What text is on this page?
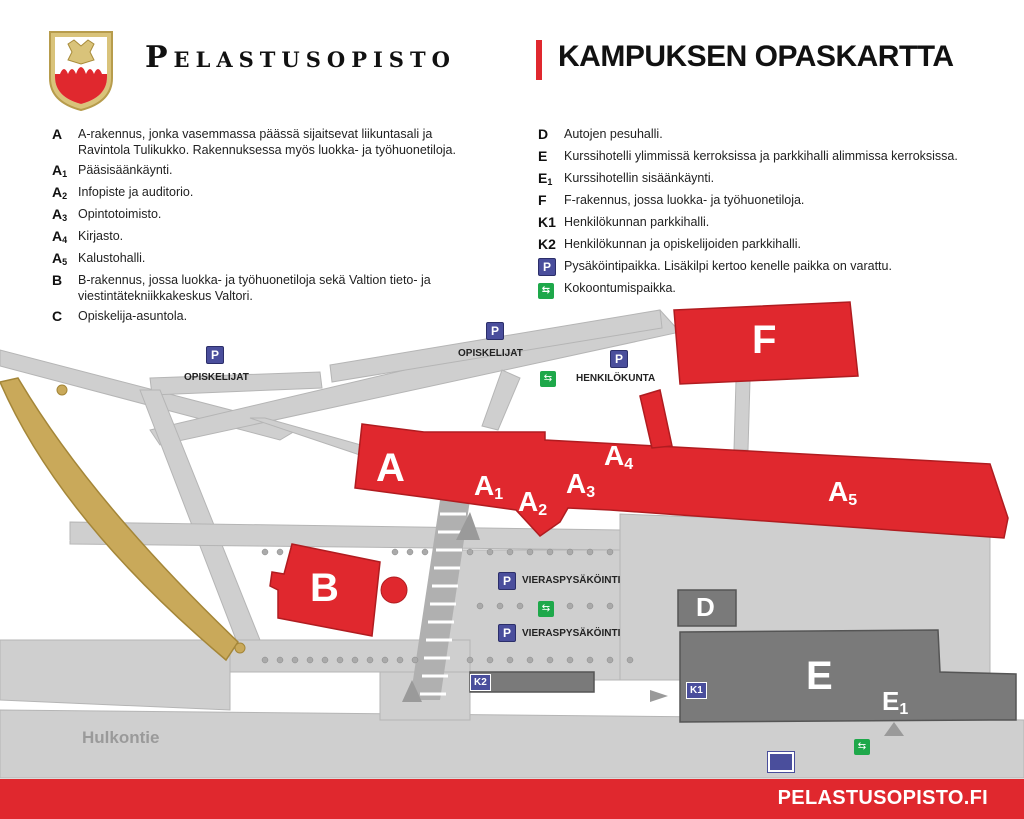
Pelastusopisto	KAMPUKSEN OPASKARTTA
A	A-rakennus, jonka vasemmassa päässä sijaitsevat liikuntasali ja Ravintola Tulikukko. Rakennuksessa myös luokka- ja työhuonetiloja.
$A_1$ Pääsisäänkäynti.
$A_2$ Infopiste ja auditorio.
$A_3$ Opintotoimisto.
$A_4$ Kirjasto.
$A_5$ Kalustohalli.
B	B-rakennus, jossa luokka- ja työhuonetiloja sekä Valtion tieto- ja viestintätekniikkakeskus Valtori.
C	Opiskelija-asuntola.
D	Autojen pesuhalli.
E	Kurssihotelli ylimmissä kerroksissa ja parkkihalli alimmissa kerroksissa.
$E_1$ Kurssihotellin sisäänkäynti.
F	F-rakennus, jossa luokka- ja työhuonetiloja.
K1 Henkilökunnan parkkihalli.
K2 Henkilökunnan ja opiskelijoiden parkkihalli.
P	Pysäköintipaikka. Lisäkilpi kertoo kenelle paikka on varattu.
⇆	Kokoontumispaikka.
P
OPISKELIJAT
P
OPISKELIJAT	P
⇆	HENKILÖKUNTA
P	VIERASPYSÄKÖINTI
⇆
P	VIERASPYSÄKÖINTI
A $A_1$ $A_2$
$A_3$
$A_4$
$A_5$
F
B
C
D
E
$E_1$
K2
K1
⇆
Hulkontie
PELASTUSOPISTO.FI
